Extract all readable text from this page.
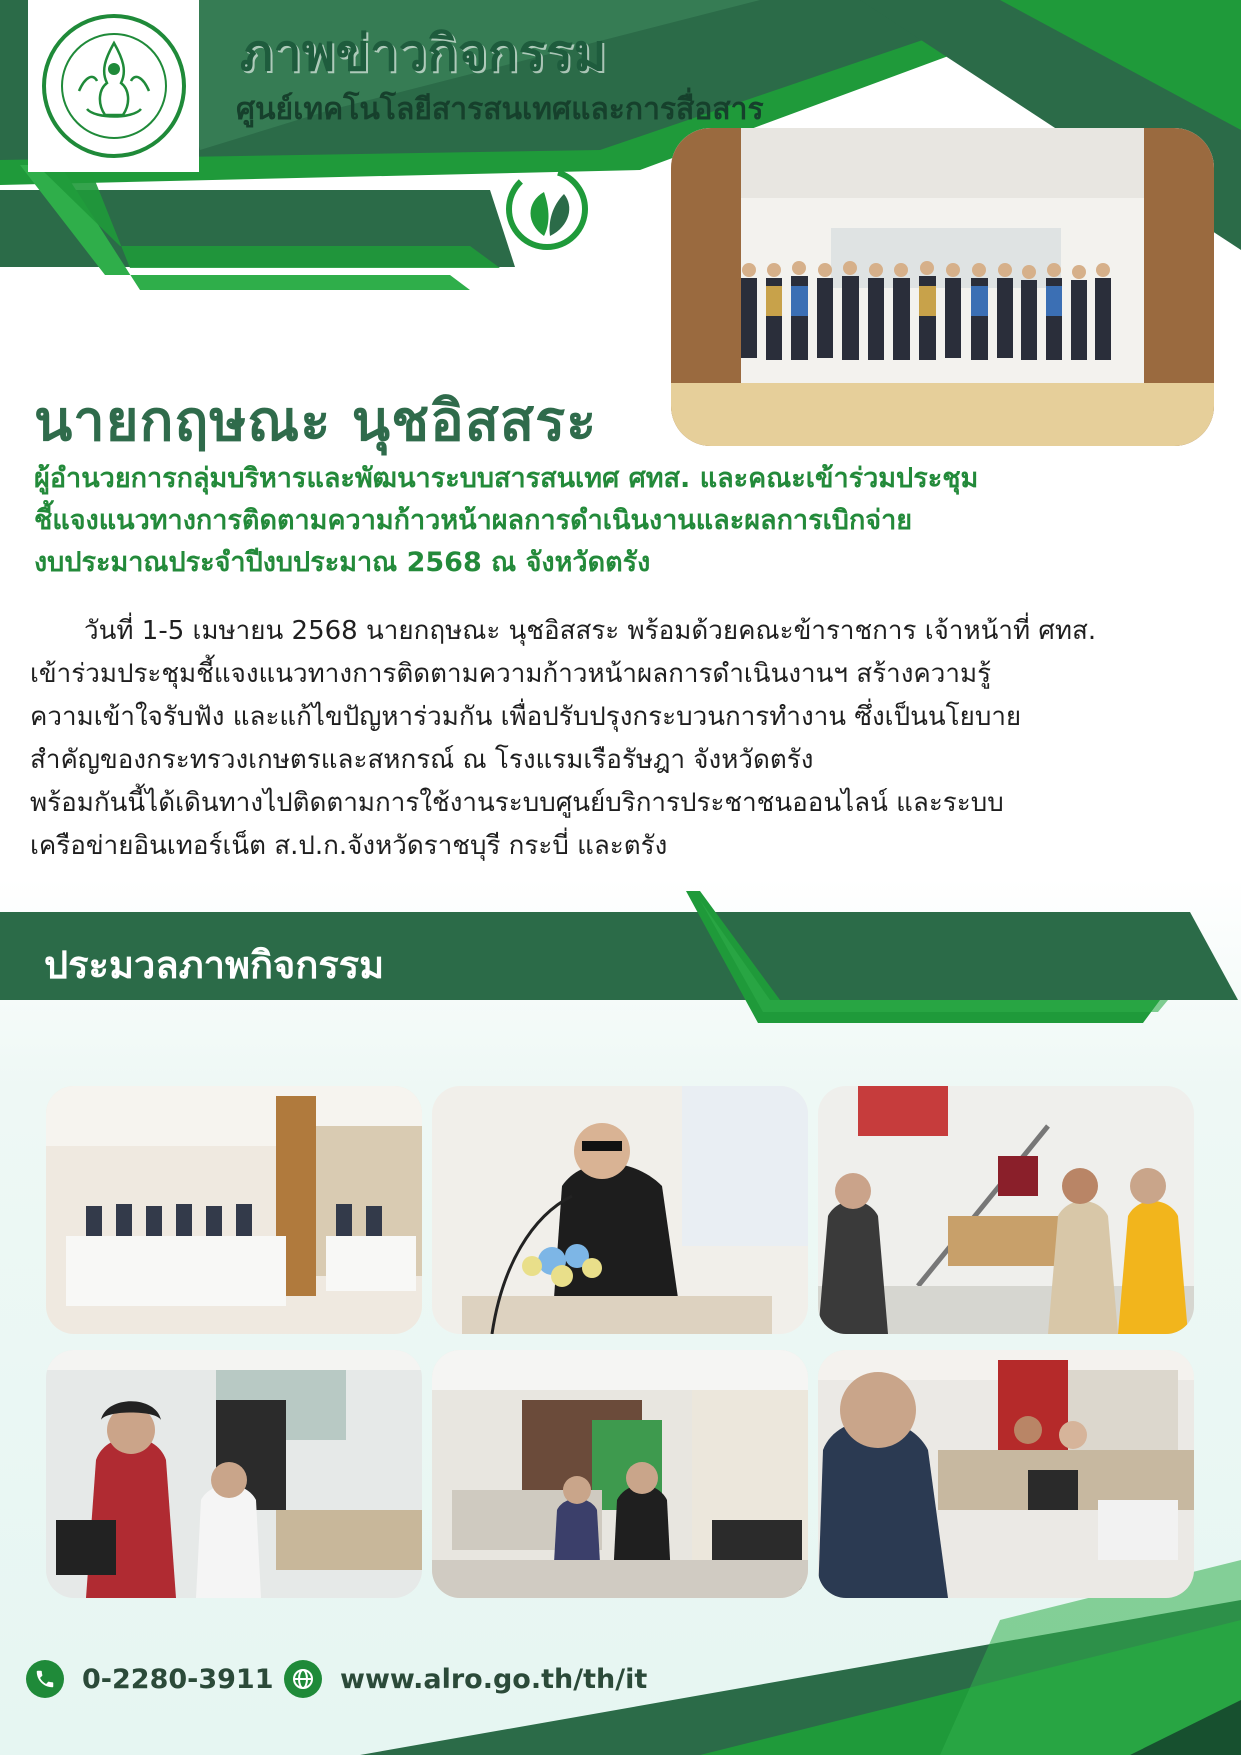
ภาพข่าวกิจกรรม
ศูนย์เทคโนโลยีสารสนเทศและการสื่อสาร
นายกฤษณะ นุชอิสสระ
ผู้อำนวยการกลุ่มบริหารและพัฒนาระบบสารสนเทศ ศทส. และคณะเข้าร่วมประชุม
ชี้แจงแนวทางการติดตามความก้าวหน้าผลการดำเนินงานและผลการเบิกจ่าย
งบประมาณประจำปีงบประมาณ 2568 ณ จังหวัดตรัง
วันที่ 1-5 เมษายน 2568 นายกฤษณะ นุชอิสสระ พร้อมด้วยคณะข้าราชการ เจ้าหน้าที่ ศทส.
เข้าร่วมประชุมชี้แจงแนวทางการติดตามความก้าวหน้าผลการดำเนินงานฯ สร้างความรู้
ความเข้าใจรับฟัง และแก้ไขปัญหาร่วมกัน เพื่อปรับปรุงกระบวนการทำงาน ซึ่งเป็นนโยบาย
สำคัญของกระทรวงเกษตรและสหกรณ์ ณ โรงแรมเรือรัษฎา จังหวัดตรัง
พร้อมกันนี้ได้เดินทางไปติดตามการใช้งานระบบศูนย์บริการประชาชนออนไลน์ และระบบ
เครือข่ายอินเทอร์เน็ต ส.ป.ก.จังหวัดราชบุรี กระบี่ และตรัง
ประมวลภาพกิจกรรม
0-2280-3911 www.alro.go.th/th/it
